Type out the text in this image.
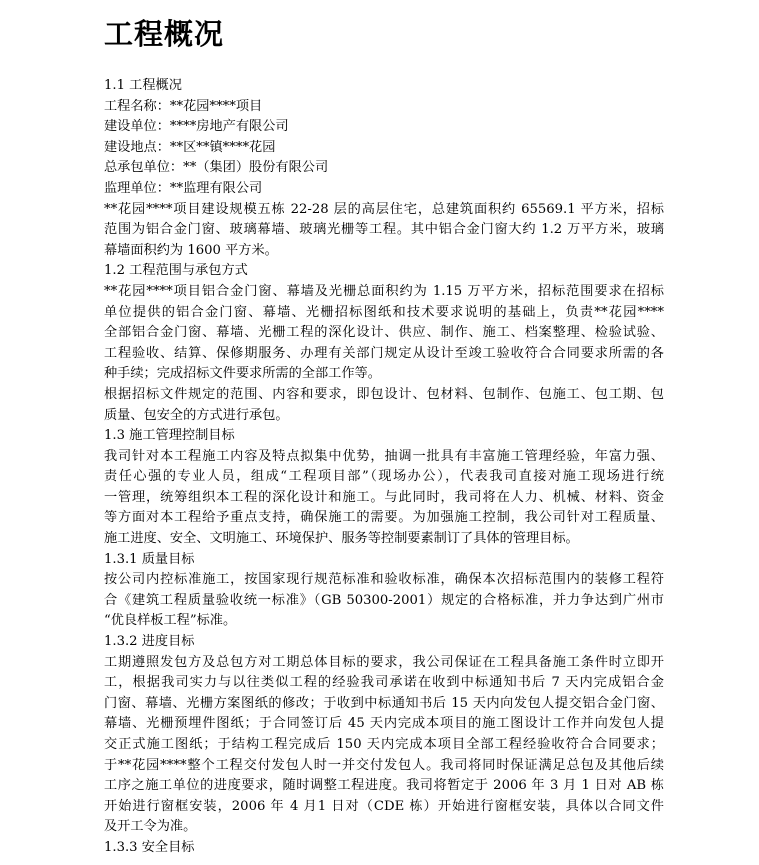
工程概况
1.1 工程概况
工程名称：**花园****项目
建设单位：****房地产有限公司
建设地点：**区**镇****花园
总承包单位：**（集团）股份有限公司
监理单位：**监理有限公司
**花园****项目建设规模五栋 22-28 层的高层住宅，总建筑面积约 65569.1 平方米，招标
范围为铝合金门窗、玻璃幕墙、玻璃光栅等工程。其中铝合金门窗大约 1.2 万平方米，玻璃
幕墙面积约为 1600 平方米。
1.2 工程范围与承包方式
**花园****项目铝合金门窗、幕墙及光栅总面积约为 1.15 万平方米，招标范围要求在招标
单位提供的铝合金门窗、幕墙、光栅招标图纸和技术要求说明的基础上，负责**花园****
全部铝合金门窗、幕墙、光栅工程的深化设计、供应、制作、施工、档案整理、检验试验、
工程验收、结算、保修期服务、办理有关部门规定从设计至竣工验收符合合同要求所需的各
种手续；完成招标文件要求所需的全部工作等。
根据招标文件规定的范围、内容和要求，即包设计、包材料、包制作、包施工、包工期、包
质量、包安全的方式进行承包。
1.3 施工管理控制目标
我司针对本工程施工内容及特点拟集中优势，抽调一批具有丰富施工管理经验，年富力强、
责任心强的专业人员，组成“工程项目部”（现场办公），代表我司直接对施工现场进行统
一管理，统筹组织本工程的深化设计和施工。与此同时，我司将在人力、机械、材料、资金
等方面对本工程给予重点支持，确保施工的需要。为加强施工控制，我公司针对工程质量、
施工进度、安全、文明施工、环境保护、服务等控制要素制订了具体的管理目标。
1.3.1 质量目标
按公司内控标准施工，按国家现行规范标准和验收标准，确保本次招标范围内的装修工程符
合《建筑工程质量验收统一标准》（GB 50300-2001）规定的合格标准，并力争达到广州市
“优良样板工程”标准。
1.3.2 进度目标
工期遵照发包方及总包方对工期总体目标的要求，我公司保证在工程具备施工条件时立即开
工，根据我司实力与以往类似工程的经验我司承诺在收到中标通知书后 7 天内完成铝合金
门窗、幕墙、光栅方案图纸的修改；于收到中标通知书后 15 天内向发包人提交铝合金门窗、
幕墙、光栅预埋件图纸；于合同签订后 45 天内完成本项目的施工图设计工作并向发包人提
交正式施工图纸；于结构工程完成后 150 天内完成本项目全部工程经验收符合合同要求；
于**花园****整个工程交付发包人时一并交付发包人。我司将同时保证满足总包及其他后续
工序之施工单位的进度要求，随时调整工程进度。我司将暂定于 2006 年 3 月 1 日对 AB 栋
开始进行窗框安装，2006 年 4 月1 日对（CDE 栋）开始进行窗框安装，具体以合同文件
及开工令为准。
1.3.3 安全目标
